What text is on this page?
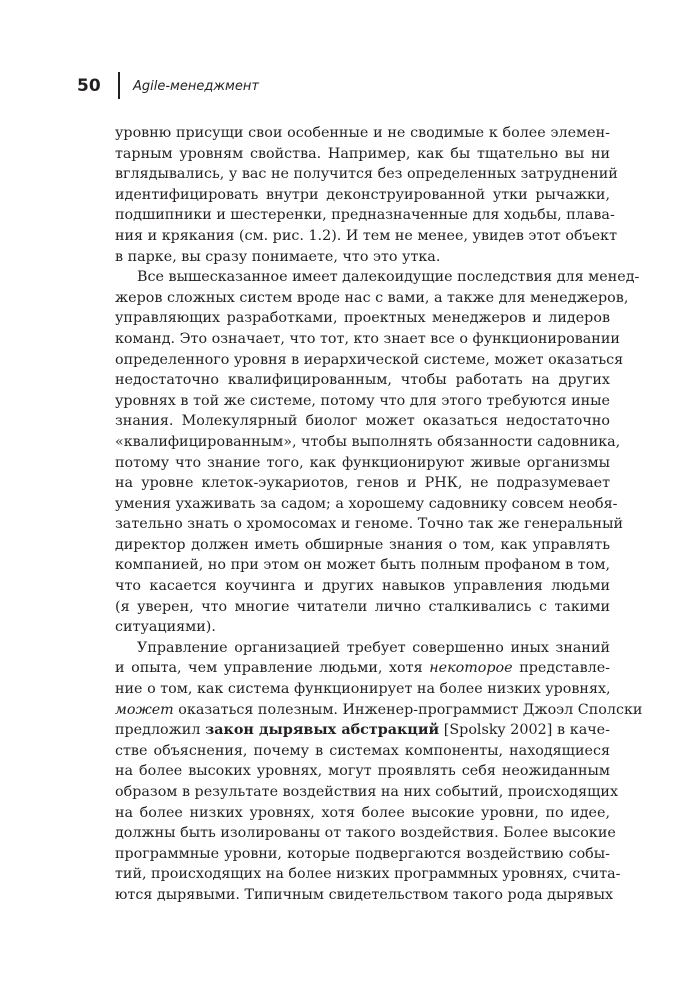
50 Agile-менеджмент
уровню присущи свои особенные и не сводимые к более элемен-
тарным уровням свойства. Например, как бы тщательно вы ни
вглядывались, у вас не получится без определенных затруднений
идентифицировать внутри деконструированной утки рычажки,
подшипники и шестеренки, предназначенные для ходьбы, плава-
ния и крякания (см. рис. 1.2). И тем не менее, увидев этот объект
в парке, вы сразу понимаете, что это утка.
Все вышесказанное имеет далекоидущие последствия для менед-
жеров сложных систем вроде нас с вами, а также для менеджеров,
управляющих разработками, проектных менеджеров и лидеров
команд. Это означает, что тот, кто знает все о функционировании
определенного уровня в иерархической системе, может оказаться
недостаточно квалифицированным, чтобы работать на других
уровнях в той же системе, потому что для этого требуются иные
знания. Молекулярный биолог может оказаться недостаточно
«квалифицированным», чтобы выполнять обязанности садовника,
потому что знание того, как функционируют живые организмы
на уровне клеток-эукариотов, генов и РНК, не подразумевает
умения ухаживать за садом; а хорошему садовнику совсем необя-
зательно знать о хромосомах и геноме. Точно так же генеральный
директор должен иметь обширные знания о том, как управлять
компанией, но при этом он может быть полным профаном в том,
что касается коучинга и других навыков управления людьми
(я уверен, что многие читатели лично сталкивались с такими
ситуациями).
Управление организацией требует совершенно иных знаний
и опыта, чем управление людьми, хотя некоторое представле-
ние о том, как система функционирует на более низких уровнях,
может оказаться полезным. Инженер-программист Джоэл Сполски
предложил закон дырявых абстракций [Spolsky 2002] в каче-
стве объяснения, почему в системах компоненты, находящиеся
на более высоких уровнях, могут проявлять себя неожиданным
образом в результате воздействия на них событий, происходящих
на более низких уровнях, хотя более высокие уровни, по идее,
должны быть изолированы от такого воздействия. Более высокие
программные уровни, которые подвергаются воздействию собы-
тий, происходящих на более низких программных уровнях, счита-
ются дырявыми. Типичным свидетельством такого рода дырявых
